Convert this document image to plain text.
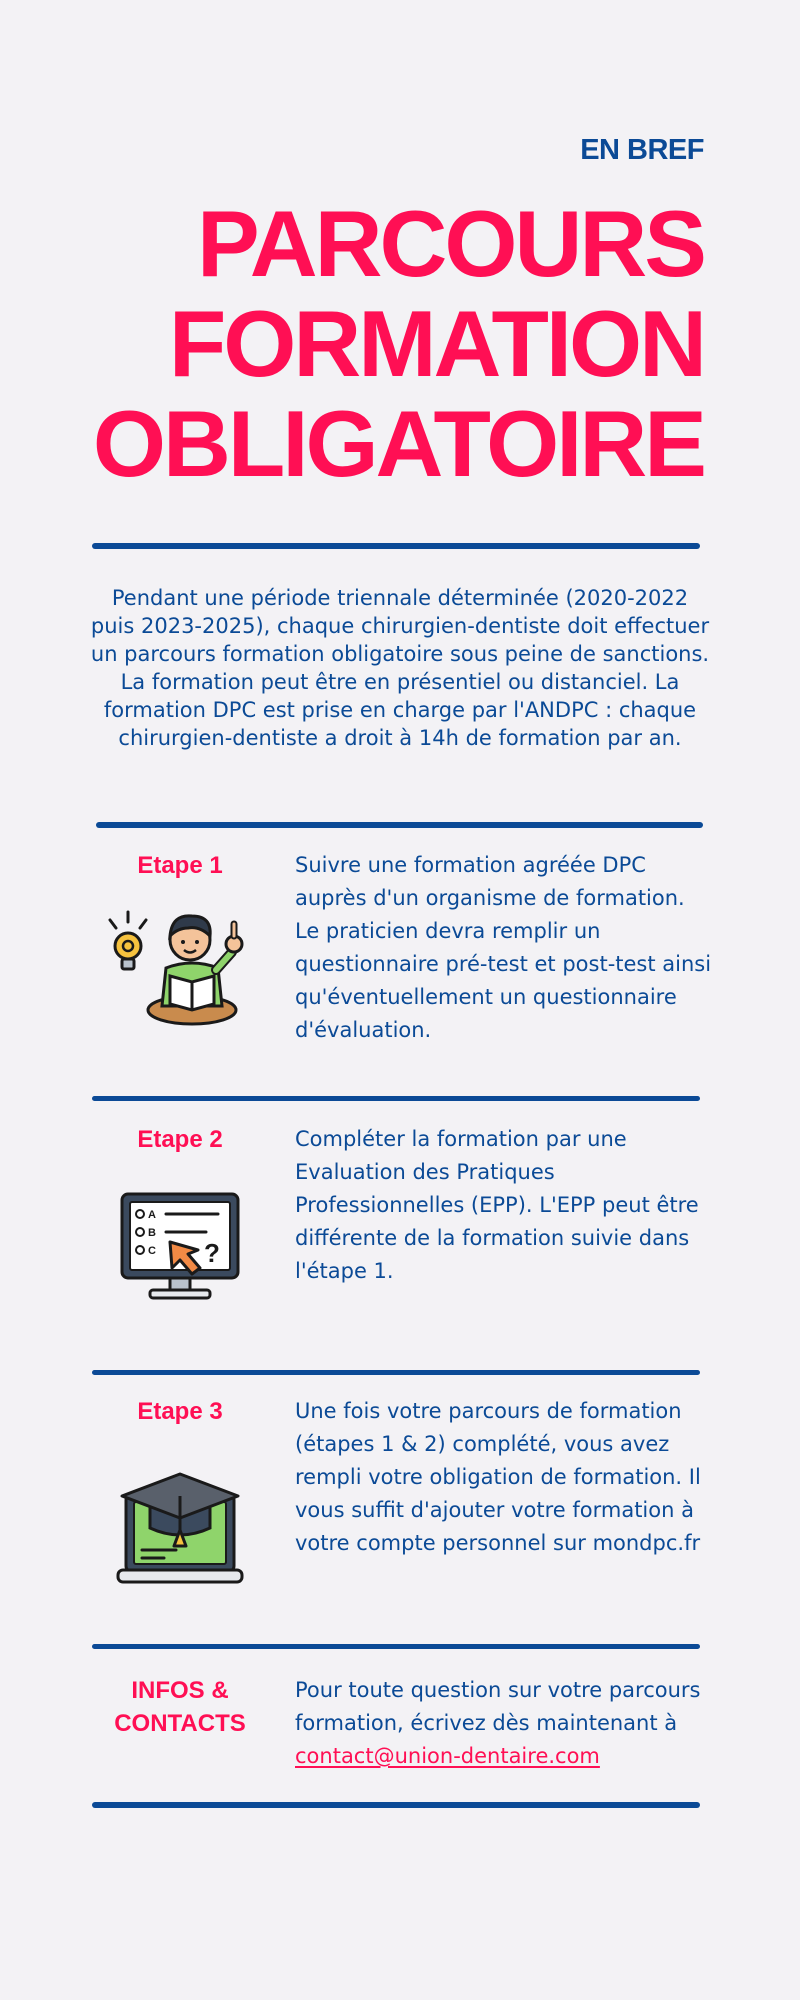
EN BREF
PARCOURS
FORMATION
OBLIGATOIRE
Pendant une période triennale déterminée (2020-2022 puis 2023-2025), chaque chirurgien-dentiste doit effectuer un parcours formation obligatoire sous peine de sanctions. La formation peut être en présentiel ou distanciel. La formation DPC est prise en charge par l'ANDPC : chaque chirurgien-dentiste a droit à 14h de formation par an.
Etape 1	Suivre une formation agréée DPC auprès d'un organisme de formation. Le praticien devra remplir un questionnaire pré-test et post-test ainsi qu'éventuellement un questionnaire d'évaluation.
Etape 2
A
B
C ?
Compléter la formation par une Evaluation des Pratiques Professionnelles (EPP). L'EPP peut être différente de la formation suivie dans l'étape 1.
Etape 3	Une fois votre parcours de formation (étapes 1 & 2) complété, vous avez rempli votre obligation de formation. Il vous suffit d'ajouter votre formation à votre compte personnel sur mondpc.fr
INFOS &
CONTACTS
Pour toute question sur votre parcours formation, écrivez dès maintenant à
contact@union-dentaire.com
